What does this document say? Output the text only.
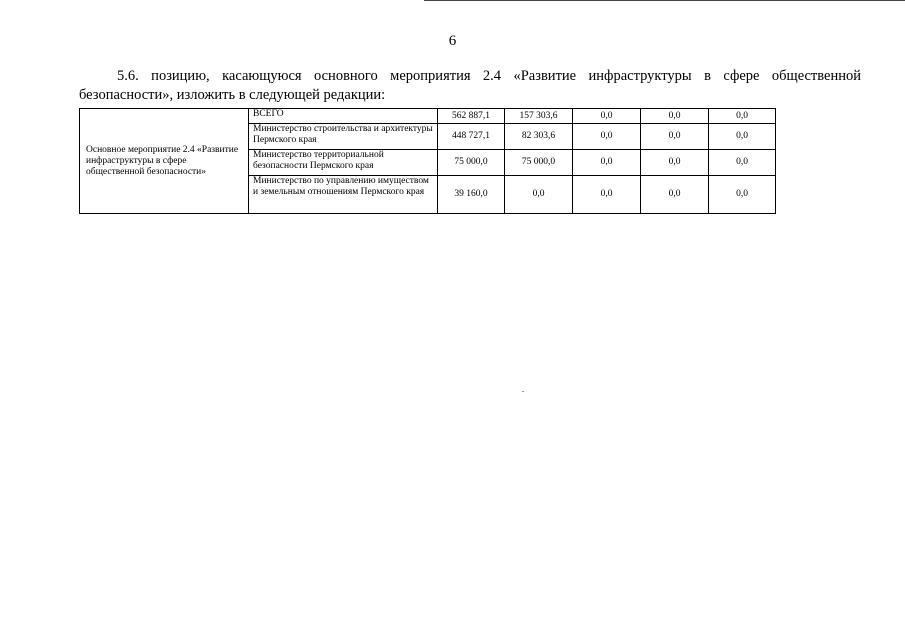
6
5.6. позицию, касающуюся основного мероприятия 2.4 «Развитие инфраструктуры в сфере общественной безопасности», изложить в следующей редакции:
Основное мероприятие 2.4 «Развитие инфраструктуры в сфере общественной безопасности»	ВСЕГО	562 887,1	157 303,6	0,0	0,0	0,0
	Министерство строительства и архитектуры Пермского края	448 727,1	82 303,6	0,0	0,0	0,0
	Министерство территориальной безопасности Пермского края	75 000,0	75 000,0	0,0	0,0	0,0
	Министерство по управлению имуществом и земельным отношениям Пермского края	39 160,0	0,0	0,0	0,0	0,0
